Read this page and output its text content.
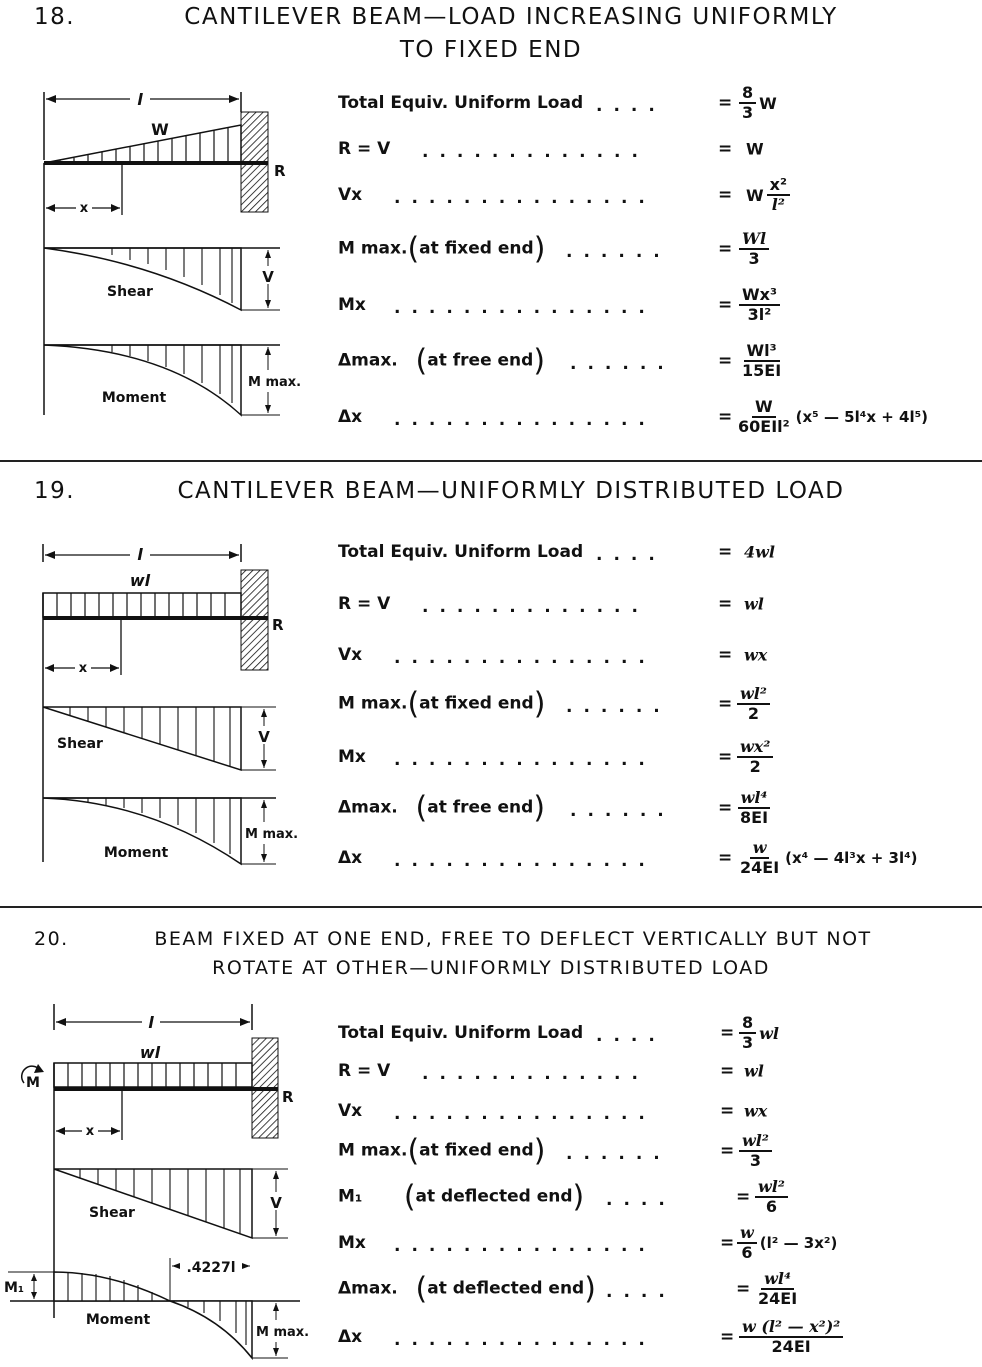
18.	CANTILEVER BEAM—LOAD INCREASING UNIFORMLY
TO FIXED END
l
W
R
x
V
Shear
M max.
Moment
Total Equiv. Uniform Load ....	= $\frac{8}{3}$ W
R = V .............	= W
Vx ...............	= W $\frac{\text{x²}}{\text{l²}}$
M max.(at fixed end) ......	= $\frac{Wl}{3}$
Mx ...............	= $\frac{\text{Wx³}}{\text{3l²}}$
Δmax. (at free end) ......	= $\frac{\text{Wl³}}{15EI}$
Δx ...............	= $\frac{W}{\text{60EIl²}} (x^5$ — 5l⁴x + 4l⁵)
19.	CANTILEVER BEAM—UNIFORMLY DISTRIBUTED LOAD
l
wl
R
x
V
Shear
M max.
Moment
Total Equiv. Uniform Load ....	= 4wl
R = V .............	= wl
Vx ...............	= wx
M max.(at fixed end) ......	= $\frac{\text{wl²}}{2}$
Mx ...............	= $\frac{\text{wx²}}{2}$
Δmax. (at free end) ......	= $\frac{\text{wl⁴}}{8EI}$
Δx ...............	= $\frac{w}{24EI} (x^4$ — 4l³x + 3l⁴)
20.	BEAM FIXED AT ONE END, FREE TO DEFLECT VERTICALLY BUT NOT
ROTATE AT OTHER—UNIFORMLY DISTRIBUTED LOAD
l
wl
R
M
x
V
Shear
M₁
.4227l
M max.
Moment
Total Equiv. Uniform Load ....	= $\frac{8}{3}$ wl
R = V .............	= wl
Vx ...............	= wx
M max.(at fixed end) ......	= $\frac{\text{wl²}}{3}$
M₁ (at deflected end) ....	= $\frac{\text{wl²}}{6}$
Mx ...............	= $\frac{w}{6} (l^2$ — 3x²)
Δmax. (at deflected end) ....	= $\frac{\text{wl⁴}}{24EI}$
Δx ...............	= $\frac{\text{w (l² — x²)²}}{24EI}$
